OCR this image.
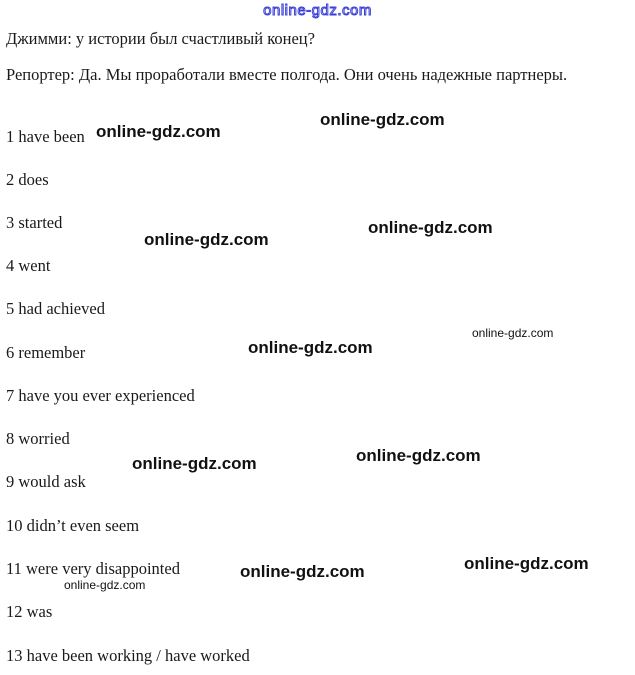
online-gdz.com
Джимми: у истории был счастливый конец?
Репортер: Да. Мы проработали вместе полгода. Они очень надежные партнеры.
1 have been
2 does
3 started
4 went
5 had achieved
6 remember
7 have you ever experienced
8 worried
9 would ask
10 didn’t even seem
11 were very disappointed
12 was
13 have been working / have worked
online-gdz.com
online-gdz.com
online-gdz.com
online-gdz.com
online-gdz.com
online-gdz.com
online-gdz.com	online-gdz.com
online-gdz.com	online-gdz.com
online-gdz.com
